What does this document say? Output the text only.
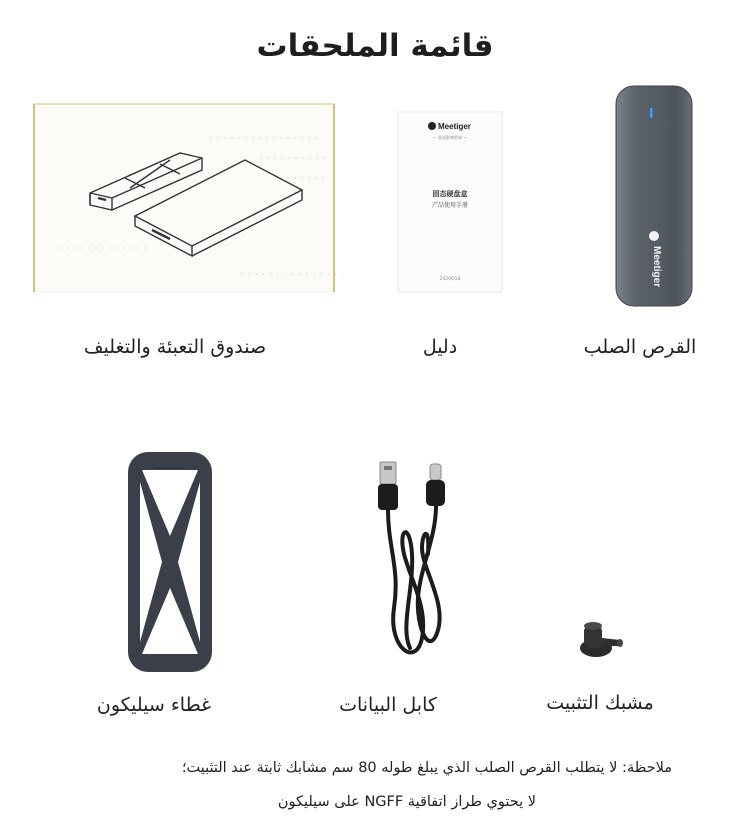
قائمة الملحقات
· · · · · · · · · · · · · · ·
Meetiger
— 品质影响世界 —
固态硬盘盒
产品使用手册
2420Q18	Meetiger
صندوق التعبئة والتغليف	دليل	القرص الصلب
غطاء سيليكون	كابل البيانات	مشبك التثبيت
ملاحظة: لا يتطلب القرص الصلب الذي يبلغ طوله 80 سم مشابك ثابتة عند التثبيت؛
لا يحتوي طراز اتفاقية NGFF على سيليكون
